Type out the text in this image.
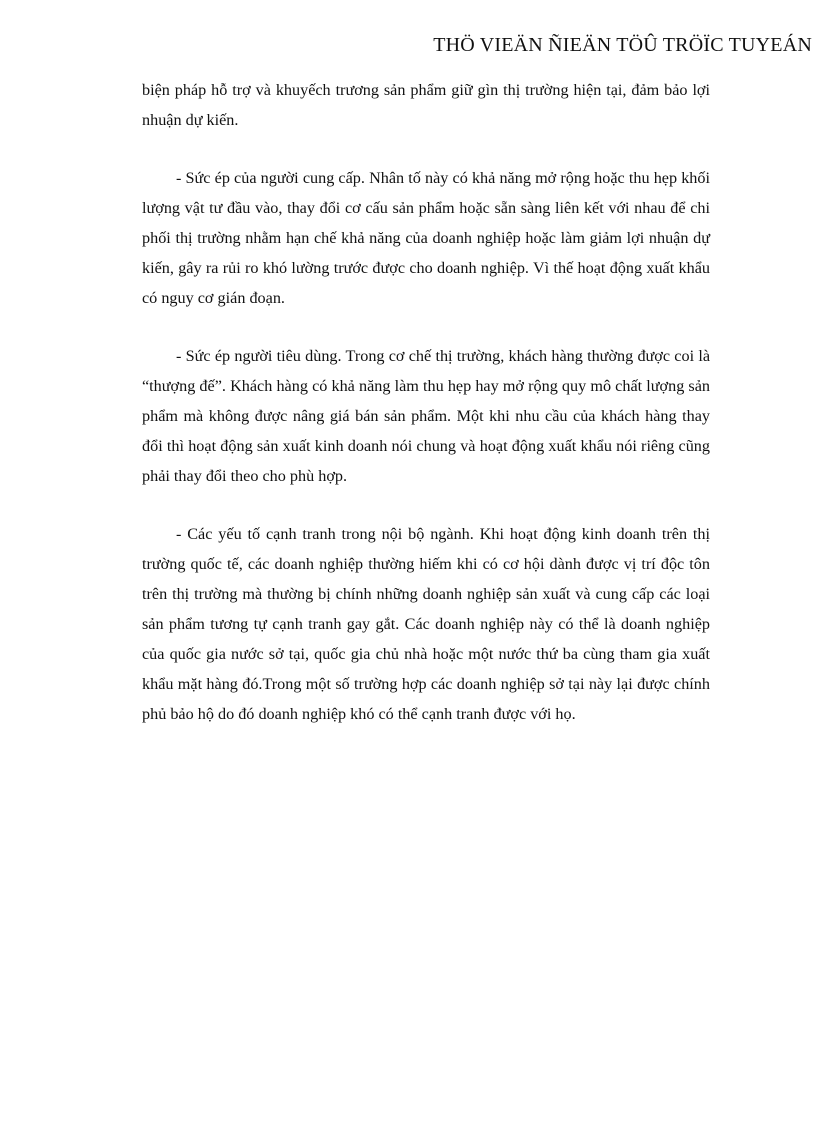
THÖ VIEÄN ÑIEÄN TÖÛ TRÖÏC TUYEÁN

biện pháp hỗ trợ và khuyếch trương sản phẩm giữ gìn thị trường hiện tại, đảm bảo lợi nhuận dự kiến.

- Sức ép của người cung cấp. Nhân tố này có khả năng mở rộng hoặc thu hẹp khối lượng vật tư đầu vào, thay đổi cơ cấu sản phẩm hoặc sẵn sàng liên kết với nhau để chi phối thị trường nhằm hạn chế khả năng của doanh nghiệp hoặc làm giảm lợi nhuận dự kiến, gây ra rủi ro khó lường trước được cho doanh nghiệp. Vì thế hoạt động xuất khẩu có nguy cơ gián đoạn.

- Sức ép người tiêu dùng. Trong cơ chế thị trường, khách hàng thường được coi là “thượng đế”. Khách hàng có khả năng làm thu hẹp hay mở rộng quy mô chất lượng sản phẩm mà không được nâng giá bán sản phẩm. Một khi nhu cầu của khách hàng thay đổi thì hoạt động sản xuất kinh doanh nói chung và hoạt động xuất khẩu nói riêng cũng phải thay đổi theo cho phù hợp.

- Các yếu tố cạnh tranh trong nội bộ ngành. Khi hoạt động kinh doanh trên thị trường quốc tế, các doanh nghiệp thường hiếm khi có cơ hội dành được vị trí độc tôn trên thị trường mà thường bị chính những doanh nghiệp sản xuất và cung cấp các loại sản phẩm tương tự cạnh tranh gay gắt. Các doanh nghiệp này có thể là doanh nghiệp của quốc gia nước sở tại, quốc gia chủ nhà hoặc một nước thứ ba cùng tham gia xuất khẩu mặt hàng đó.Trong một số trường hợp các doanh nghiệp sở tại này lại được chính phủ bảo hộ do đó doanh nghiệp khó có thể cạnh tranh được với họ.
